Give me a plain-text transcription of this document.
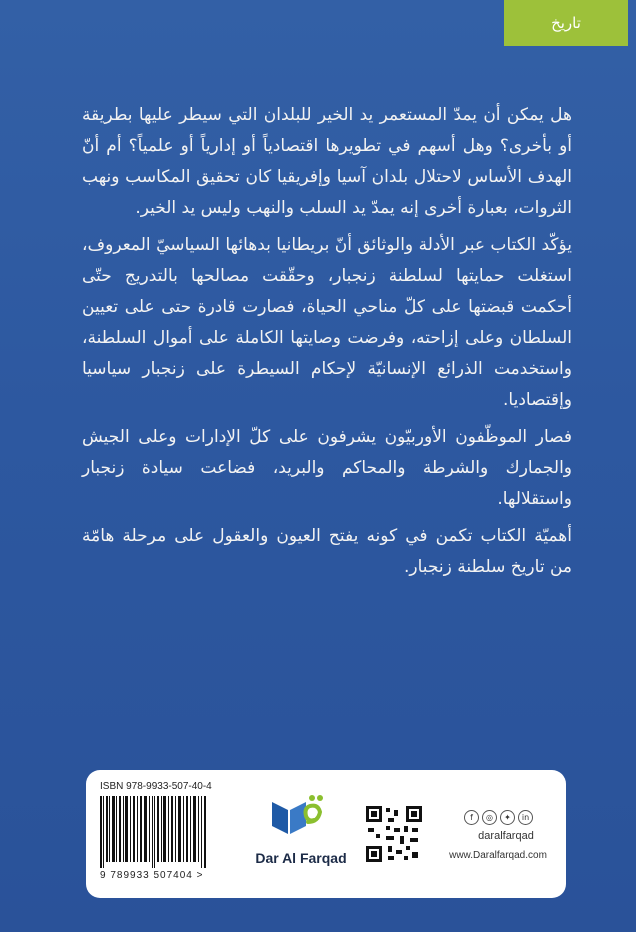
تاريخ

هل يمكن أن يمدّ المستعمر يد الخير للبلدان التي سيطر عليها بطريقة أو بأخرى؟ وهل أسهم في تطويرها اقتصادياً أو إدارياً أو علمياً؟ أم أنّ الهدف الأساس لاحتلال بلدان آسيا وإفريقيا كان تحقيق المكاسب ونهب الثروات، بعبارة أخرى إنه يمدّ يد السلب والنهب وليس يد الخير.

يؤكّد الكتاب عبر الأدلة والوثائق أنّ بريطانيا بدهائها السياسيّ المعروف، استغلت حمايتها لسلطنة زنجبار، وحقّقت مصالحها بالتدريج حتّى أحكمت قبضتها على كلّ مناحي الحياة، فصارت قادرة حتى على تعيين السلطان وعلى إزاحته، وفرضت وصايتها الكاملة على أموال السلطنة، واستخدمت الذرائع الإنسانيّة لإحكام السيطرة على زنجبار سياسيا وإقتصاديا.

فصار الموظّفون الأوربيّون يشرفون على كلّ الإدارات وعلى الجيش والجمارك والشرطة والمحاكم والبريد، فضاعت سيادة زنجبار واستقلالها.

أهميّة الكتاب تكمن في كونه يفتح العيون والعقول على مرحلة هامّة من تاريخ سلطنة زنجبار.

ISBN 978-9933-507-40-4
9 789933 507404 >
Dar Al Farqad
f	◎	✦	in
daralfarqad
www.Daralfarqad.com
